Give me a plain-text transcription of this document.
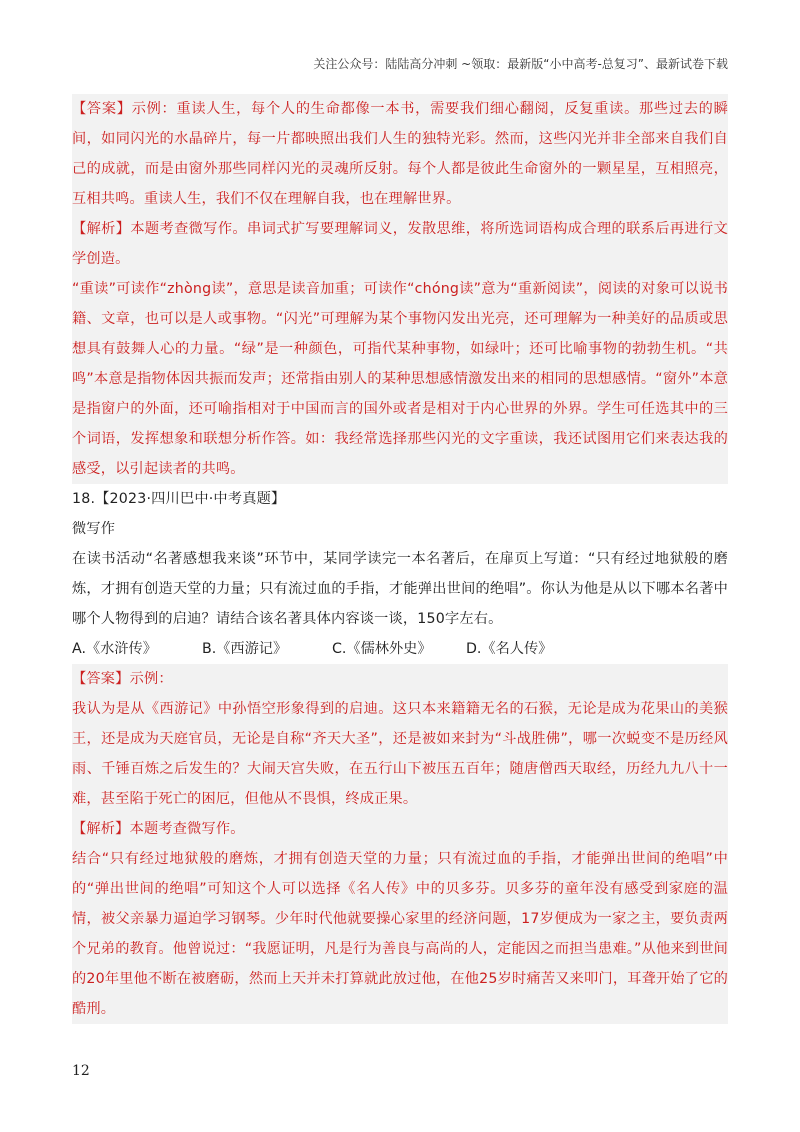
关注公众号：陆陆高分冲刺 ~领取：最新版“小中高考-总复习”、最新试卷下载

【答案】示例：重读人生，每个人的生命都像一本书，需要我们细心翻阅，反复重读。那些过去的瞬间，如同闪光的水晶碎片，每一片都映照出我们人生的独特光彩。然而，这些闪光并非全部来自我们自己的成就，而是由窗外那些同样闪光的灵魂所反射。每个人都是彼此生命窗外的一颗星星，互相照亮，互相共鸣。重读人生，我们不仅在理解自我，也在理解世界。

【解析】本题考查微写作。串词式扩写要理解词义，发散思维，将所选词语构成合理的联系后再进行文学创造。

“重读”可读作“zhòng读”，意思是读音加重；可读作“chóng读”意为“重新阅读”，阅读的对象可以说书籍、文章，也可以是人或事物。“闪光”可理解为某个事物闪发出光亮，还可理解为一种美好的品质或思想具有鼓舞人心的力量。“绿”是一种颜色，可指代某种事物，如绿叶；还可比喻事物的勃勃生机。“共鸣”本意是指物体因共振而发声；还常指由别人的某种思想感情激发出来的相同的思想感情。“窗外”本意是指窗户的外面，还可喻指相对于中国而言的国外或者是相对于内心世界的外界。学生可任选其中的三个词语，发挥想象和联想分析作答。如：我经常选择那些闪光的文字重读，我还试图用它们来表达我的感受，以引起读者的共鸣。

18.【2023·四川巴中·中考真题】

微写作

在读书活动“名著感想我来谈”环节中，某同学读完一本名著后，在扉页上写道：“只有经过地狱般的磨炼，才拥有创造天堂的力量；只有流过血的手指，才能弹出世间的绝唱”。你认为他是从以下哪本名著中哪个人物得到的启迪？请结合该名著具体内容谈一谈，150字左右。

A.《水浒传》	B.《西游记》	C.《儒林外史》	D.《名人传》

【答案】示例：

我认为是从《西游记》中孙悟空形象得到的启迪。这只本来籍籍无名的石猴，无论是成为花果山的美猴王，还是成为天庭官员，无论是自称“齐天大圣”，还是被如来封为“斗战胜佛”，哪一次蜕变不是历经风雨、千锤百炼之后发生的？大闹天宫失败，在五行山下被压五百年；随唐僧西天取经，历经九九八十一难，甚至陷于死亡的困厄，但他从不畏惧，终成正果。

【解析】本题考查微写作。

结合“只有经过地狱般的磨炼，才拥有创造天堂的力量；只有流过血的手指，才能弹出世间的绝唱”中的“弹出世间的绝唱”可知这个人可以选择《名人传》中的贝多芬。贝多芬的童年没有感受到家庭的温情，被父亲暴力逼迫学习钢琴。少年时代他就要操心家里的经济问题，17岁便成为一家之主，要负责两个兄弟的教育。他曾说过：“我愿证明，凡是行为善良与高尚的人，定能因之而担当患难。”从他来到世间的20年里他不断在被磨砺，然而上天并未打算就此放过他，在他25岁时痛苦又来叩门，耳聋开始了它的酷刑。

12
